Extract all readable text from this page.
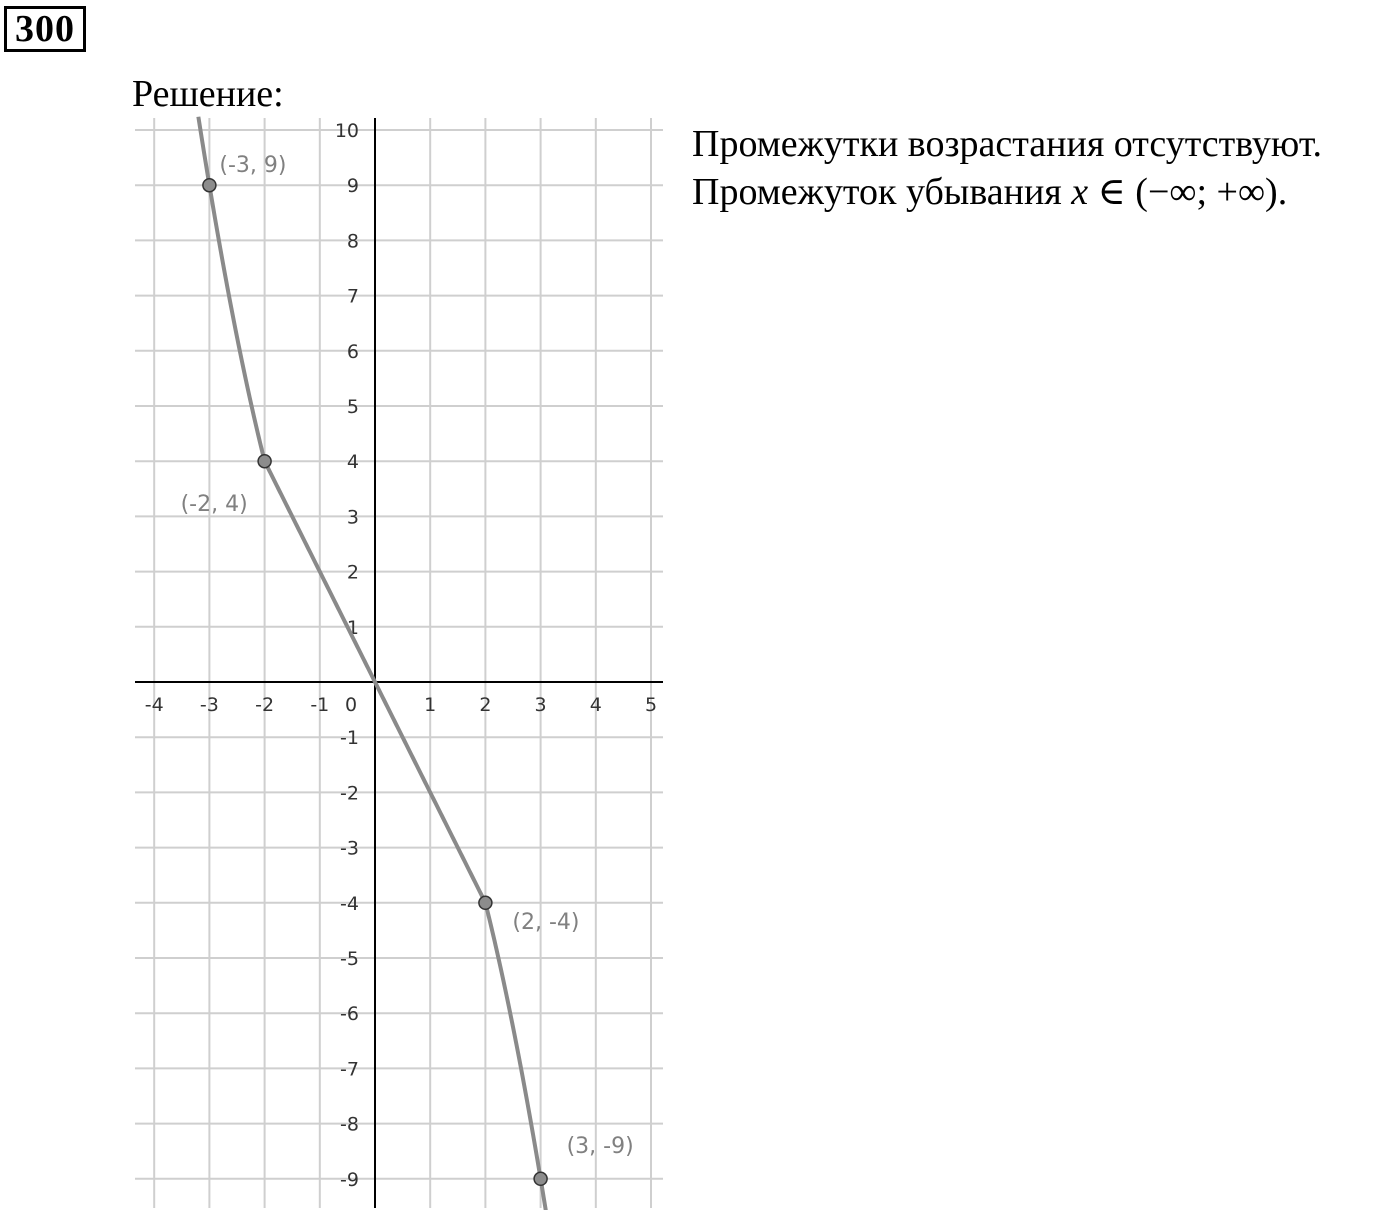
300
Решение:
Промежутки возрастания отсутствуют.
Промежуток убывания x ∈ (−∞; +∞).
-4 -3 -2 -1	1 2 3 4 5
0
10
9
8
7
6
5
4
3
2
1
-1
-2
-3
-4
-5
-6
-7
-8
-9
(-3, 9)
(-2, 4)
(2, -4)
(3, -9)
